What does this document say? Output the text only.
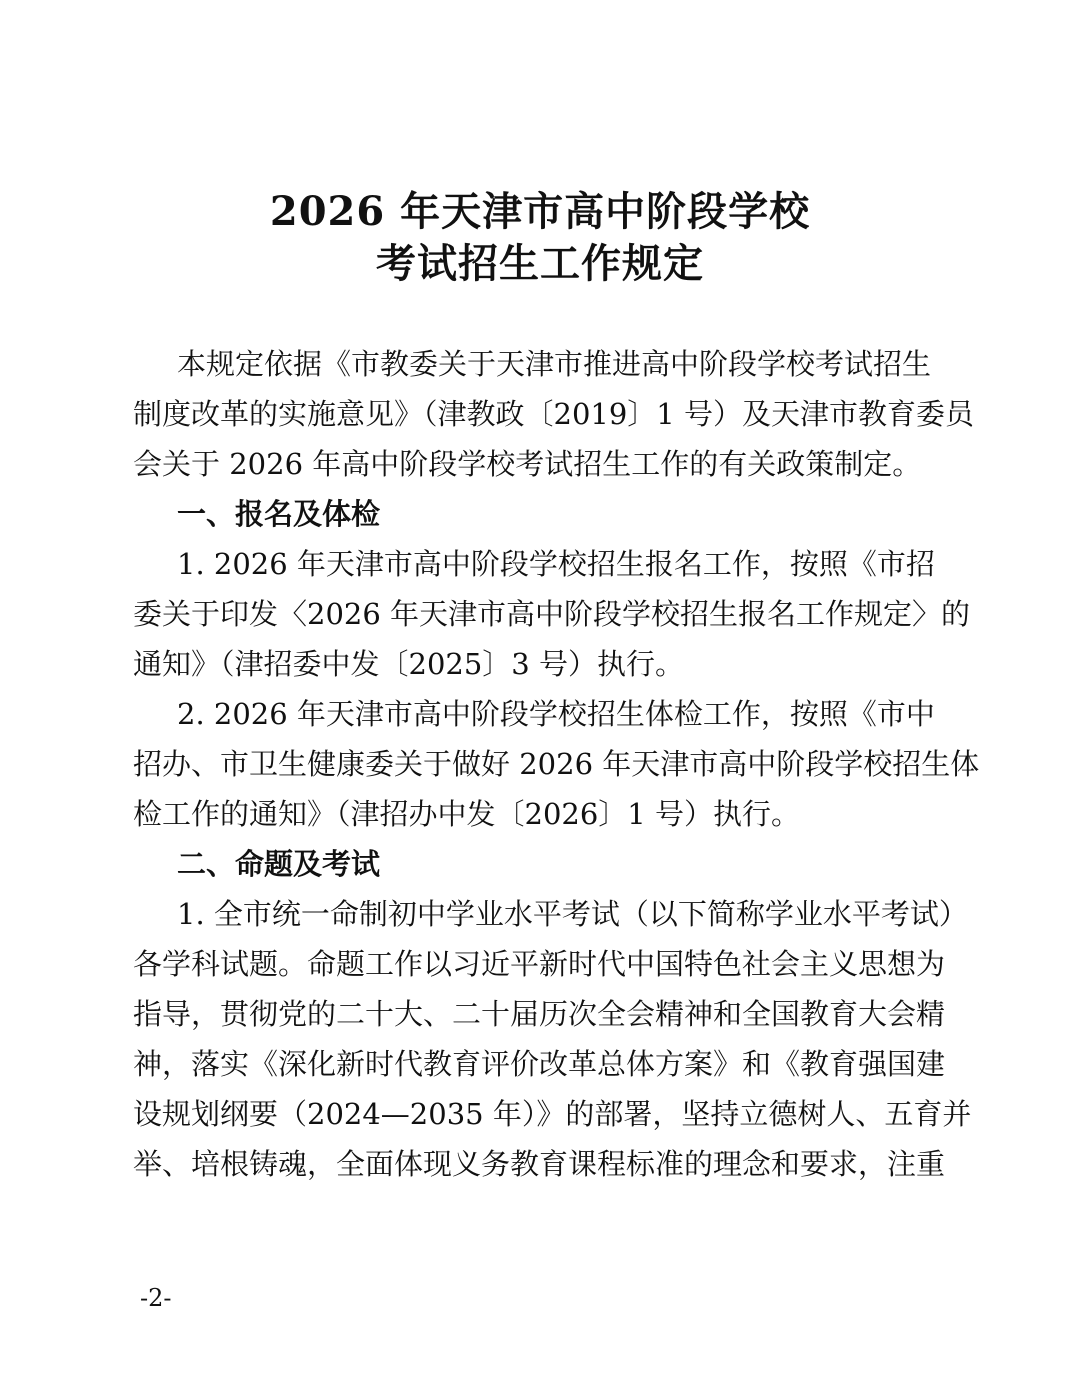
2026 年天津市高中阶段学校
考试招生工作规定
本规定依据《市教委关于天津市推进高中阶段学校考试招生
制度改革的实施意见》（津教政〔2019〕1 号）及天津市教育委员
会关于 2026 年高中阶段学校考试招生工作的有关政策制定。
一、报名及体检
1. 2026 年天津市高中阶段学校招生报名工作，按照《市招
委关于印发〈2026 年天津市高中阶段学校招生报名工作规定〉的
通知》（津招委中发〔2025〕3 号）执行。
2. 2026 年天津市高中阶段学校招生体检工作，按照《市中
招办、市卫生健康委关于做好 2026 年天津市高中阶段学校招生体
检工作的通知》（津招办中发〔2026〕1 号）执行。
二、命题及考试
1. 全市统一命制初中学业水平考试（以下简称学业水平考试）
各学科试题。命题工作以习近平新时代中国特色社会主义思想为
指导，贯彻党的二十大、二十届历次全会精神和全国教育大会精
神，落实《深化新时代教育评价改革总体方案》和《教育强国建
设规划纲要（2024—2035 年）》的部署，坚持立德树人、五育并
举、培根铸魂，全面体现义务教育课程标准的理念和要求，注重
-2-
